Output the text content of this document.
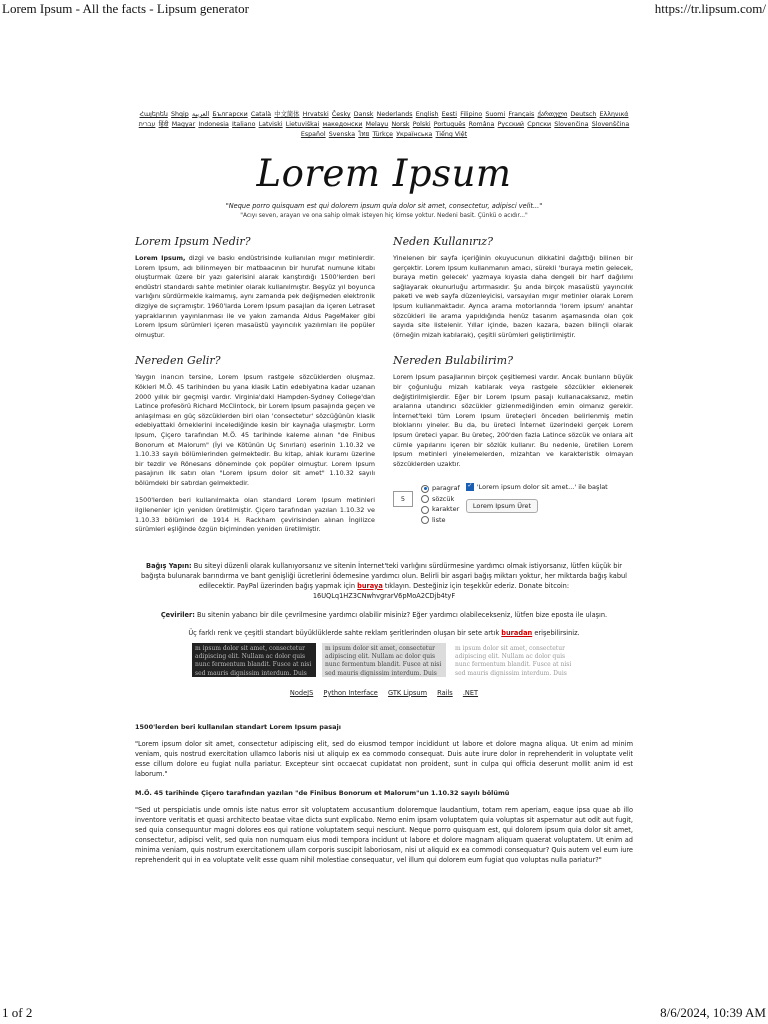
Lorem Ipsum - All the facts - Lipsum generator	https://tr.lipsum.com/
Հայերեն Shqip العربية Български Català 中文简体 Hrvatski Česky Dansk Nederlands English Eesti Filipino Suomi Français ქართული Deutsch Ελληνικά
עברית हिंदी Magyar Indonesia Italiano Latviski Lietuviškai македонски Melayu Norsk Polski Português Româna Pyccкий Српски Slovenčina Slovenščina
Español Svenska ไทย Türkçe Українська Tiếng Việt
Lorem Ipsum
"Neque porro quisquam est qui dolorem ipsum quia dolor sit amet, consectetur, adipisci velit..."
"Acıyı seven, arayan ve ona sahip olmak isteyen hiç kimse yoktur. Nedeni basit. Çünkü o acıdır..."
Lorem Ipsum Nedir?

Lorem Ipsum, dizgi ve baskı endüstrisinde kullanılan mıgır metinlerdir. Lorem Ipsum, adı bilinmeyen bir matbaacının bir hurufat numune kitabı oluşturmak üzere bir yazı galerisini alarak karıştırdığı 1500'lerden beri endüstri standardı sahte metinler olarak kullanılmıştır. Beşyüz yıl boyunca varlığını sürdürmekle kalmamış, aynı zamanda pek değişmeden elektronik dizgiye de sıçramıştır. 1960'larda Lorem Ipsum pasajları da içeren Letraset yapraklarının yayınlanması ile ve yakın zamanda Aldus PageMaker gibi Lorem Ipsum sürümleri içeren masaüstü yayıncılık yazılımları ile popüler olmuştur.

Nereden Gelir?

Yaygın inancın tersine, Lorem Ipsum rastgele sözcüklerden oluşmaz. Kökleri M.Ö. 45 tarihinden bu yana klasik Latin edebiyatına kadar uzanan 2000 yıllık bir geçmişi vardır. Virginia'daki Hampden-Sydney College'dan Latince profesörü Richard McClintock, bir Lorem Ipsum pasajında geçen ve anlaşılması en güç sözcüklerden biri olan 'consectetur' sözcüğünün klasik edebiyattaki örneklerini incelediğinde kesin bir kaynağa ulaşmıştır. Lorm Ipsum, Çiçero tarafından M.Ö. 45 tarihinde kaleme alınan "de Finibus Bonorum et Malorum" (İyi ve Kötünün Uç Sınırları) eserinin 1.10.32 ve 1.10.33 sayılı bölümlerinden gelmektedir. Bu kitap, ahlak kuramı üzerine bir tezdir ve Rönesans döneminde çok popüler olmuştur. Lorem Ipsum pasajının ilk satırı olan "Lorem ipsum dolor sit amet" 1.10.32 sayılı bölümdeki bir satırdan gelmektedir.

1500'lerden beri kullanılmakta olan standard Lorem Ipsum metinleri ilgilenenler için yeniden üretilmiştir. Çiçero tarafından yazılan 1.10.32 ve 1.10.33 bölümleri de 1914 H. Rackham çevirisinden alınan İngilizce sürümleri eşliğinde özgün biçiminden yeniden üretilmiştir.

Neden Kullanırız?

Yinelenen bir sayfa içeriğinin okuyucunun dikkatini dağıttığı bilinen bir gerçektir. Lorem Ipsum kullanmanın amacı, sürekli 'buraya metin gelecek, buraya metin gelecek' yazmaya kıyasla daha dengeli bir harf dağılımı sağlayarak okunurluğu artırmasıdır. Şu anda birçok masaüstü yayıncılık paketi ve web sayfa düzenleyicisi, varsayılan mıgır metinler olarak Lorem Ipsum kullanmaktadır. Ayrıca arama motorlarında 'lorem ipsum' anahtar sözcükleri ile arama yapıldığında henüz tasarım aşamasında olan çok sayıda site listelenir. Yıllar içinde, bazen kazara, bazen bilinçli olarak (örneğin mizah katılarak), çeşitli sürümleri geliştirilmiştir.

Nereden Bulabilirim?

Lorem Ipsum pasajlarının birçok çeşitlemesi vardır. Ancak bunların büyük bir çoğunluğu mizah katılarak veya rastgele sözcükler eklenerek değiştirilmişlerdir. Eğer bir Lorem Ipsum pasajı kullanacaksanız, metin aralarına utandırıcı sözcükler gizlenmediğinden emin olmanız gerekir. İnternet'teki tüm Lorem Ipsum üreteçleri önceden belirlenmiş metin bloklarını yineler. Bu da, bu üreteci İnternet üzerindeki gerçek Lorem Ipsum üreteci yapar. Bu üreteç, 200'den fazla Latince sözcük ve onlara ait cümle yapılarını içeren bir sözlük kullanır. Bu nedenle, üretilen Lorem Ipsum metinleri yinelemelerden, mizahtan ve karakteristik olmayan sözcüklerden uzaktır.

5
paragraf
sözcük
karakter
liste
✓'Lorem ipsum dolor sit amet...' ile başlat
Lorem Ipsum Üret
Bağış Yapın: Bu siteyi düzenli olarak kullanıyorsanız ve sitenin İnternet'teki varlığını sürdürmesine yardımcı olmak istiyorsanız, lütfen küçük bir bağışta bulunarak barındırma ve bant genişliği ücretlerini ödemesine yardımcı olun. Belirli bir asgari bağış miktarı yoktur, her miktarda bağış kabul edilecektir. PayPal üzerinden bağış yapmak için buraya tıklayın. Desteğiniz için teşekkür ederiz. Donate bitcoin:
16UQLq1HZ3CNwhvgrarV6pMoA2CDjb4tyF
Çeviriler: Bu sitenin yabancı bir dile çevrilmesine yardımcı olabilir misiniz? Eğer yardımcı olabilecekseniz, lütfen bize eposta ile ulaşın.
Üç farklı renk ve çeşitli standart büyüklüklerde sahte reklam şeritlerinden oluşan bir sete artık buradan erişebilirsiniz.
m ipsum dolor sit amet, consectetur adipiscing elit. Nullam ac dolor quis nunc fermentum blandit. Fusce at nisi sed mauris dignissim interdum. Duis
m ipsum dolor sit amet, consectetur adipiscing elit. Nullam ac dolor quis nunc fermentum blandit. Fusce at nisi sed mauris dignissim interdum. Duis
m ipsum dolor sit amet, consectetur adipiscing elit. Nullam ac dolor quis nunc fermentum blandit. Fusce at nisi sed mauris dignissim interdum. Duis
NodeJS Python Interface GTK Lipsum Rails .NET
1500'lerden beri kullanılan standart Lorem Ipsum pasajı
"Lorem ipsum dolor sit amet, consectetur adipiscing elit, sed do eiusmod tempor incididunt ut labore et dolore magna aliqua. Ut enim ad minim veniam, quis nostrud exercitation ullamco laboris nisi ut aliquip ex ea commodo consequat. Duis aute irure dolor in reprehenderit in voluptate velit esse cillum dolore eu fugiat nulla pariatur. Excepteur sint occaecat cupidatat non proident, sunt in culpa qui officia deserunt mollit anim id est laborum."
M.Ö. 45 tarihinde Çiçero tarafından yazılan "de Finibus Bonorum et Malorum"un 1.10.32 sayılı bölümü
"Sed ut perspiciatis unde omnis iste natus error sit voluptatem accusantium doloremque laudantium, totam rem aperiam, eaque ipsa quae ab illo inventore veritatis et quasi architecto beatae vitae dicta sunt explicabo. Nemo enim ipsam voluptatem quia voluptas sit aspernatur aut odit aut fugit, sed quia consequuntur magni dolores eos qui ratione voluptatem sequi nesciunt. Neque porro quisquam est, qui dolorem ipsum quia dolor sit amet, consectetur, adipisci velit, sed quia non numquam eius modi tempora incidunt ut labore et dolore magnam aliquam quaerat voluptatem. Ut enim ad minima veniam, quis nostrum exercitationem ullam corporis suscipit laboriosam, nisi ut aliquid ex ea commodi consequatur? Quis autem vel eum iure reprehenderit qui in ea voluptate velit esse quam nihil molestiae consequatur, vel illum qui dolorem eum fugiat quo voluptas nulla pariatur?"
1 of 2	8/6/2024, 10:39 AM
